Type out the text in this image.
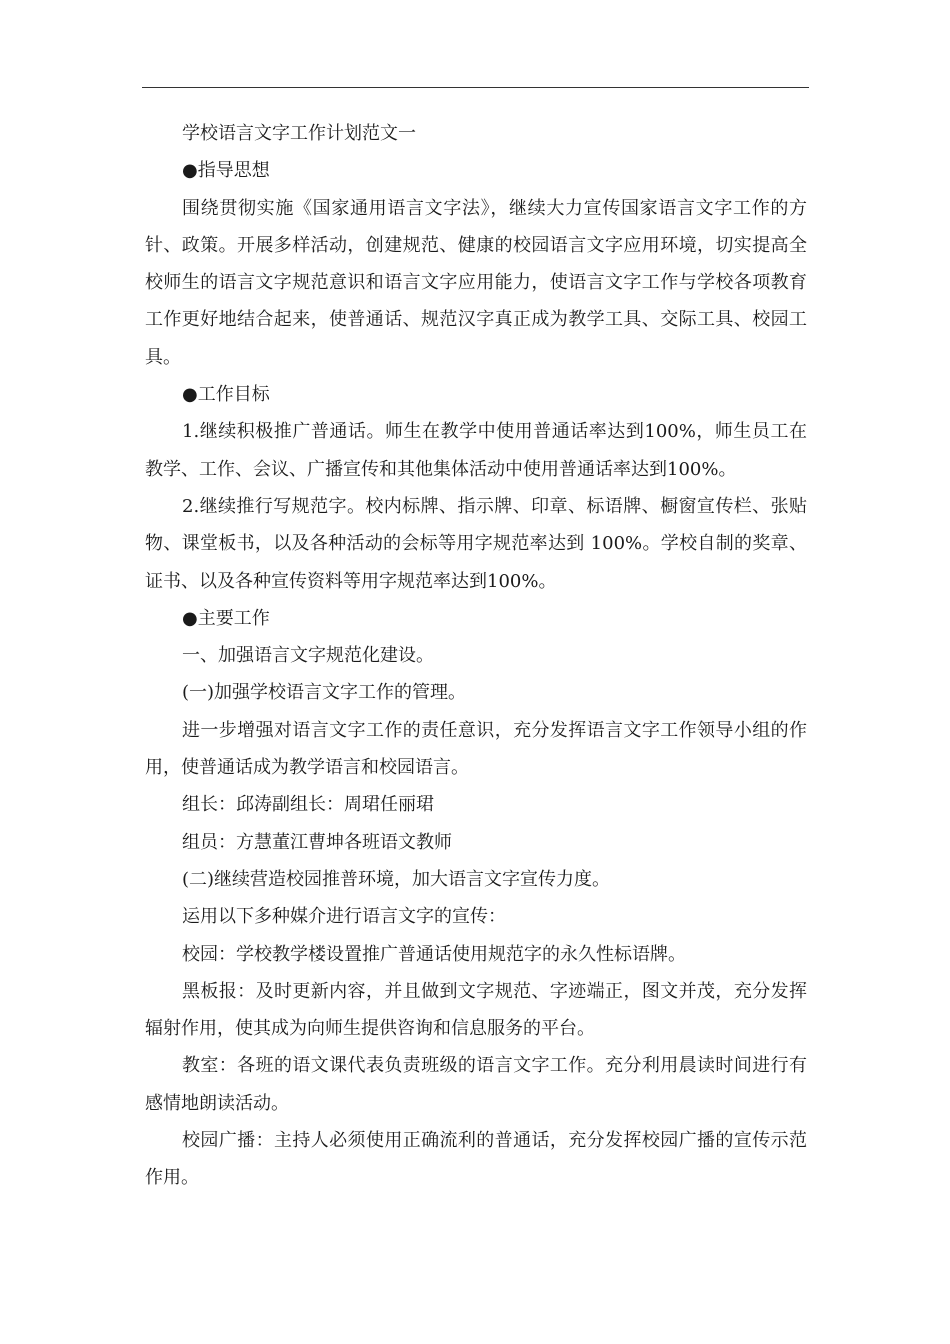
学校语言文字工作计划范文一

●指导思想

围绕贯彻实施《国家通用语言文字法》，继续大力宣传国家语言文字工作的方针、政策。开展多样活动，创建规范、健康的校园语言文字应用环境，切实提高全校师生的语言文字规范意识和语言文字应用能力，使语言文字工作与学校各项教育工作更好地结合起来，使普通话、规范汉字真正成为教学工具、交际工具、校园工具。

●工作目标

1.继续积极推广普通话。师生在教学中使用普通话率达到100%，师生员工在教学、工作、会议、广播宣传和其他集体活动中使用普通话率达到100%。

2.继续推行写规范字。校内标牌、指示牌、印章、标语牌、橱窗宣传栏、张贴物、课堂板书，以及各种活动的会标等用字规范率达到 100%。学校自制的奖章、证书、以及各种宣传资料等用字规范率达到100%。

●主要工作

一、加强语言文字规范化建设。

(一)加强学校语言文字工作的管理。

进一步增强对语言文字工作的责任意识，充分发挥语言文字工作领导小组的作用，使普通话成为教学语言和校园语言。

组长：邱涛副组长：周珺任丽珺

组员：方慧董江曹坤各班语文教师

(二)继续营造校园推普环境，加大语言文字宣传力度。

运用以下多种媒介进行语言文字的宣传：

校园：学校教学楼设置推广普通话使用规范字的永久性标语牌。

黑板报：及时更新内容，并且做到文字规范、字迹端正，图文并茂，充分发挥辐射作用，使其成为向师生提供咨询和信息服务的平台。

教室：各班的语文课代表负责班级的语言文字工作。充分利用晨读时间进行有感情地朗读活动。

校园广播：主持人必须使用正确流利的普通话，充分发挥校园广播的宣传示范作用。
